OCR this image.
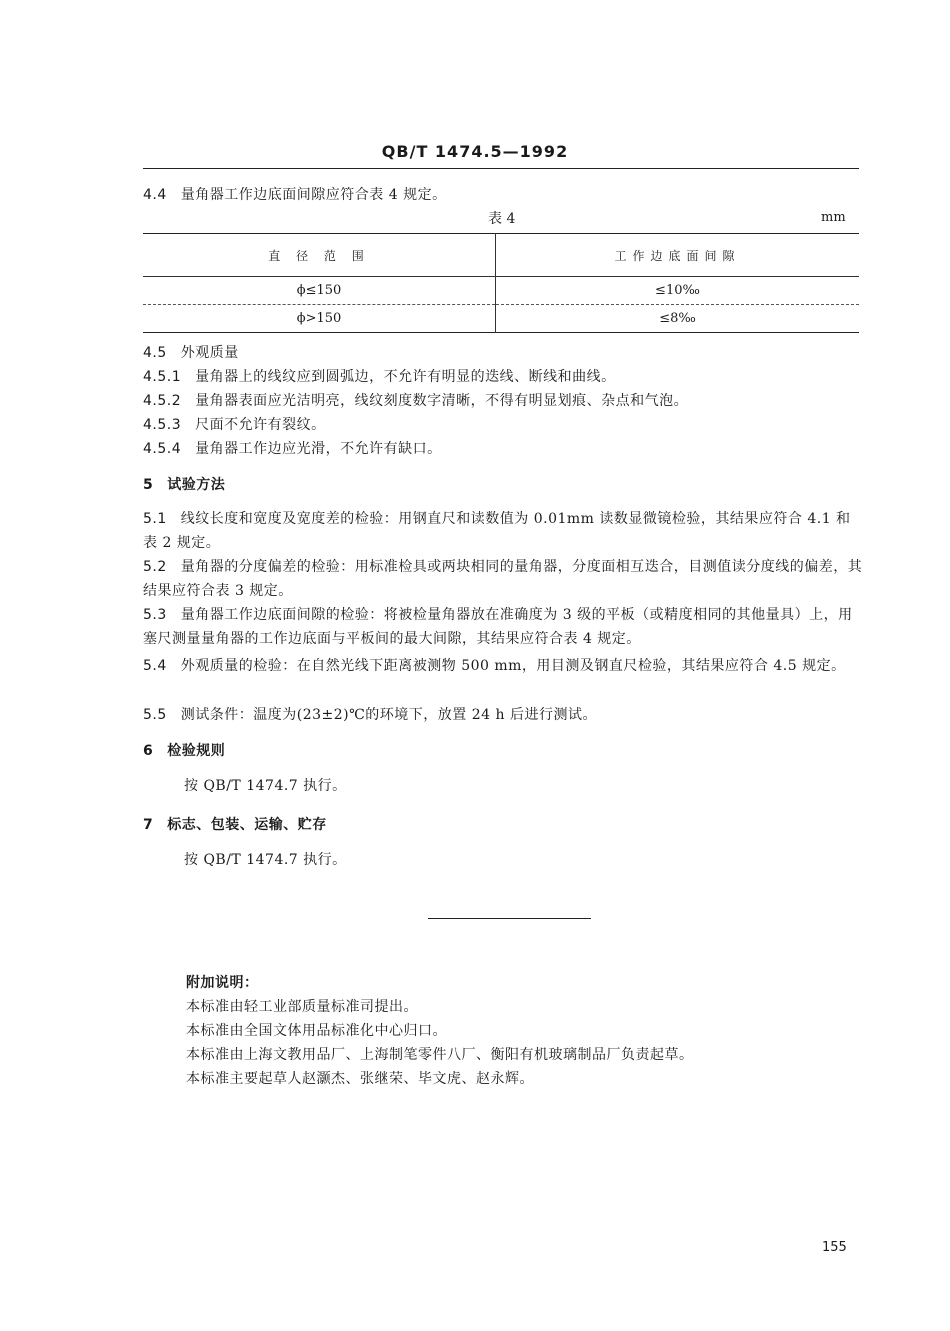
QB/T 1474.5—1992
4.4 量角器工作边底面间隙应符合表 4 规定。
表 4	mm
直 径 范 围	工作边底面间隙
ϕ≤150	≤10‰
ϕ>150	≤8‰
4.5 外观质量
4.5.1 量角器上的线纹应到圆弧边，不允许有明显的迭线、断线和曲线。
4.5.2 量角器表面应光洁明亮，线纹刻度数字清晰，不得有明显划痕、杂点和气泡。
4.5.3 尺面不允许有裂纹。
4.5.4 量角器工作边应光滑，不允许有缺口。
5 试验方法
5.1 线纹长度和宽度及宽度差的检验：用钢直尺和读数值为 0.01mm 读数显微镜检验，其结果应符合 4.1 和表 2 规定。
5.2 量角器的分度偏差的检验：用标准检具或两块相同的量角器，分度面相互迭合，目测值读分度线的偏差，其结果应符合表 3 规定。
5.3 量角器工作边底面间隙的检验：将被检量角器放在准确度为 3 级的平板（或精度相同的其他量具）上，用塞尺测量量角器的工作边底面与平板间的最大间隙，其结果应符合表 4 规定。
5.4 外观质量的检验：在自然光线下距离被测物 500 mm，用目测及钢直尺检验，其结果应符合 4.5 规定。
5.5 测试条件：温度为(23±2)℃的环境下，放置 24 h 后进行测试。
6 检验规则
按 QB/T 1474.7 执行。
7 标志、包装、运输、贮存
按 QB/T 1474.7 执行。
附加说明：
本标准由轻工业部质量标准司提出。
本标准由全国文体用品标准化中心归口。
本标准由上海文教用品厂、上海制笔零件八厂、衡阳有机玻璃制品厂负责起草。
本标准主要起草人赵灏杰、张继荣、毕文虎、赵永辉。
155
